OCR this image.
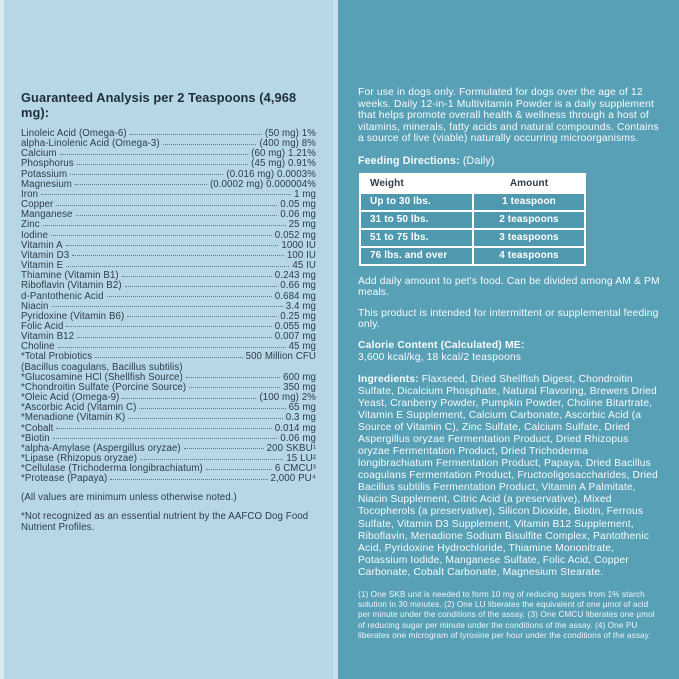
Guaranteed Analysis per 2 Teaspoons (4,968 mg):
Linoleic Acid (Omega-6)	(50 mg) 1%
alpha-Linolenic Acid (Omega-3)	(400 mg) 8%
Calcium	(60 mg) 1.21%
Phosphorus	(45 mg) 0.91%
Potassium	(0.016 mg) 0.0003%
Magnesium	(0.0002 mg) 0.000004%
Iron	1 mg
Copper	0.05 mg
Manganese	0.06 mg
Zinc	25 mg
Iodine	0.052 mg
Vitamin A	1000 IU
Vitamin D3	100 IU
Vitamin E	45 IU
Thiamine (Vitamin B1)	0.243 mg
Riboflavin (Vitamin B2)	0.66 mg
d-Pantothenic Acid	0.684 mg
Niacin	3.4 mg
Pyridoxine (Vitamin B6)	0.25 mg
Folic Acid	0.055 mg
Vitamin B12	0.007 mg
Choline	45 mg
*Total Probiotics	500 Million CFU
(Bacillus coagulans, Bacillus subtilis)
*Glucosamine HCl (Shellfish Source)	600 mg
*Chondroitin Sulfate (Porcine Source)	350 mg
*Oleic Acid (Omega-9)	(100 mg) 2%
*Ascorbic Acid (Vitamin C)	65 mg
*Menadione (Vitamin K)	0.3 mg
*Cobalt	0.014 mg
*Biotin	0.06 mg
*alpha-Amylase (Aspergillus oryzae)	200 SKBU¹
*Lipase (Rhizopus oryzae)	15 LU²
*Cellulase (Trichoderma longibrachiatum)	6 CMCU³
*Protease (Papaya)	2,000 PU⁴

(All values are minimum unless otherwise noted.)

*Not recognized as an essential nutrient by the AAFCO Dog Food Nutrient Profiles.

For use in dogs only. Formulated for dogs over the age of 12 weeks. Daily 12-in-1 Multivitamin Powder is a daily supplement that helps promote overall health & wellness through a host of vitamins, minerals, fatty acids and natural compounds. Contains a source of live (viable) naturally occurring microorganisms.

Feeding Directions: (Daily)

Weight	Amount
Up to 30 lbs.	1 teaspoon
31 to 50 lbs.	2 teaspoons
51 to 75 lbs.	3 teaspoons
76 lbs. and over	4 teaspoons

Add daily amount to pet's food. Can be divided among AM & PM meals.

This product is intended for intermittent or supplemental feeding only.

Calorie Content (Calculated) ME:

3,600 kcal/kg, 18 kcal/2 teaspoons

Ingredients: Flaxseed, Dried Shellfish Digest, Chondroitin Sulfate, Dicalcium Phosphate, Natural Flavoring, Brewers Dried Yeast, Cranberry Powder, Pumpkin Powder, Choline Bitartrate, Vitamin E Supplement, Calcium Carbonate, Ascorbic Acid (a Source of Vitamin C), Zinc Sulfate, Calcium Sulfate, Dried Aspergillus oryzae Fermentation Product, Dried Rhizopus oryzae Fermentation Product, Dried Trichoderma longibrachiatum Fermentation Product, Papaya, Dried Bacillus coagulans Fermentation Product, Fructooligosaccharides, Dried Bacillus subtilis Fermentation Product, Vitamin A Palmitate, Niacin Supplement, Citric Acid (a preservative), Mixed Tocopherols (a preservative), Silicon Dioxide, Biotin, Ferrous Sulfate, Vitamin D3 Supplement, Vitamin B12 Supplement, Riboflavin, Menadione Sodium Bisulfite Complex, Pantothenic Acid, Pyridoxine Hydrochloride, Thiamine Mononitrate, Potassium Iodide, Manganese Sulfate, Folic Acid, Copper Carbonate, Cobalt Carbonate, Magnesium Stearate.

(1) One SKB unit is needed to form 10 mg of reducing sugars from 1% starch solution in 30 minutes. (2) One LU liberates the equivalent of one µmol of acid per minute under the conditions of the assay. (3) One CMCU liberates one µmol of reducing sugar per minute under the conditions of the assay. (4) One PU liberates one microgram of tyrosine per hour under the conditions of the assay.
